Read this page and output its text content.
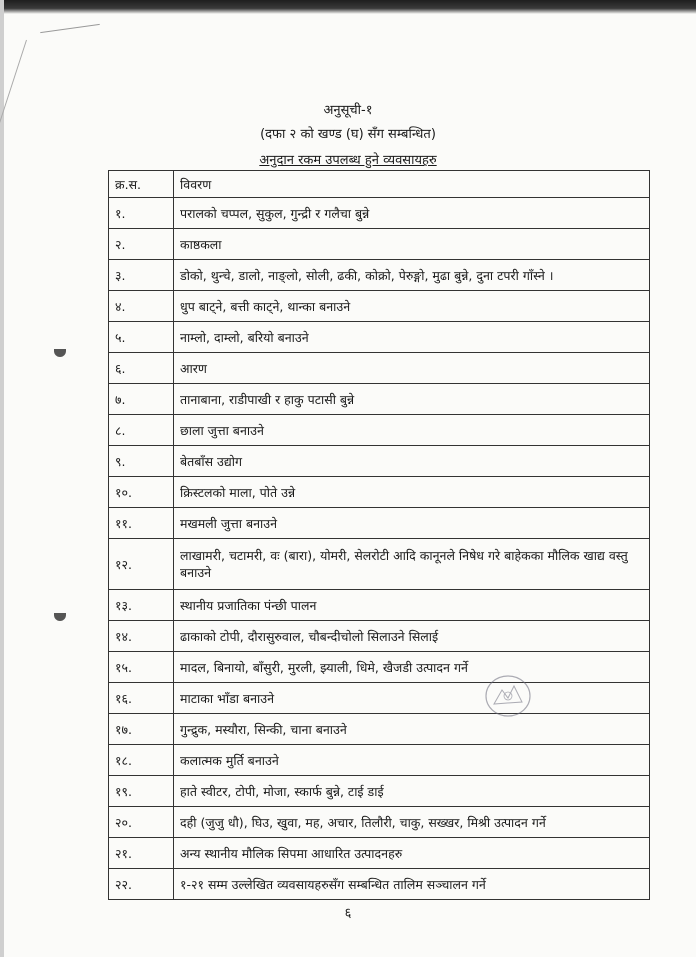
अनुसूची-१
(दफा २ को खण्ड (घ) सँग सम्बन्धित)
अनुदान रकम उपलब्ध हुने व्यवसायहरु
क्र.स.	विवरण
१.	परालको चप्पल, सुकुल, गुन्द्री र गलैचा बुन्ने
२.	काष्ठकला
३.	डोको, थुन्चे, डालो, नाङ्लो, सोली, ढकी, कोक्रो, पेरुङ्गो, मुढा बुन्ने, दुना टपरी गाँस्ने ।
४.	धुप बाट्ने, बत्ती काट्ने, थान्का बनाउने
५.	नाम्लो, दाम्लो, बरियो बनाउने
६.	आरण
७.	तानाबाना, राडीपाखी र हाकु पटासी बुन्ने
८.	छाला जुत्ता बनाउने
९.	बेतबाँस उद्योग
१०.	क्रिस्टलको माला, पोते उन्ने
११.	मखमली जुत्ता बनाउने
१२.	लाखामरी, चटामरी, वः (बारा), योमरी, सेलरोटी आदि कानूनले निषेध गरे बाहेकका मौलिक खाद्य वस्तु बनाउने
१३.	स्थानीय प्रजातिका पंन्छी पालन
१४.	ढाकाको टोपी, दौरासुरुवाल, चौबन्दीचोलो सिलाउने सिलाई
१५.	मादल, बिनायो, बाँसुरी, मुरली, झ्याली, धिमे, खैजडी उत्पादन गर्ने
१६.	माटाका भाँडा बनाउने
१७.	गुन्द्रुक, मस्यौरा, सिन्की, चाना बनाउने
१८.	कलात्मक मुर्ति बनाउने
१९.	हाते स्वीटर, टोपी, मोजा, स्कार्फ बुन्ने, टाई डाई
२०.	दही (जुजु धौ), घिउ, खुवा, मह, अचार, तिलौरी, चाकु, सख्खर, मिश्री उत्पादन गर्ने
२१.	अन्य स्थानीय मौलिक सिपमा आधारित उत्पादनहरु
२२.	१-२१ सम्म उल्लेखित व्यवसायहरुसँग सम्बन्धित तालिम सञ्चालन गर्ने
६
